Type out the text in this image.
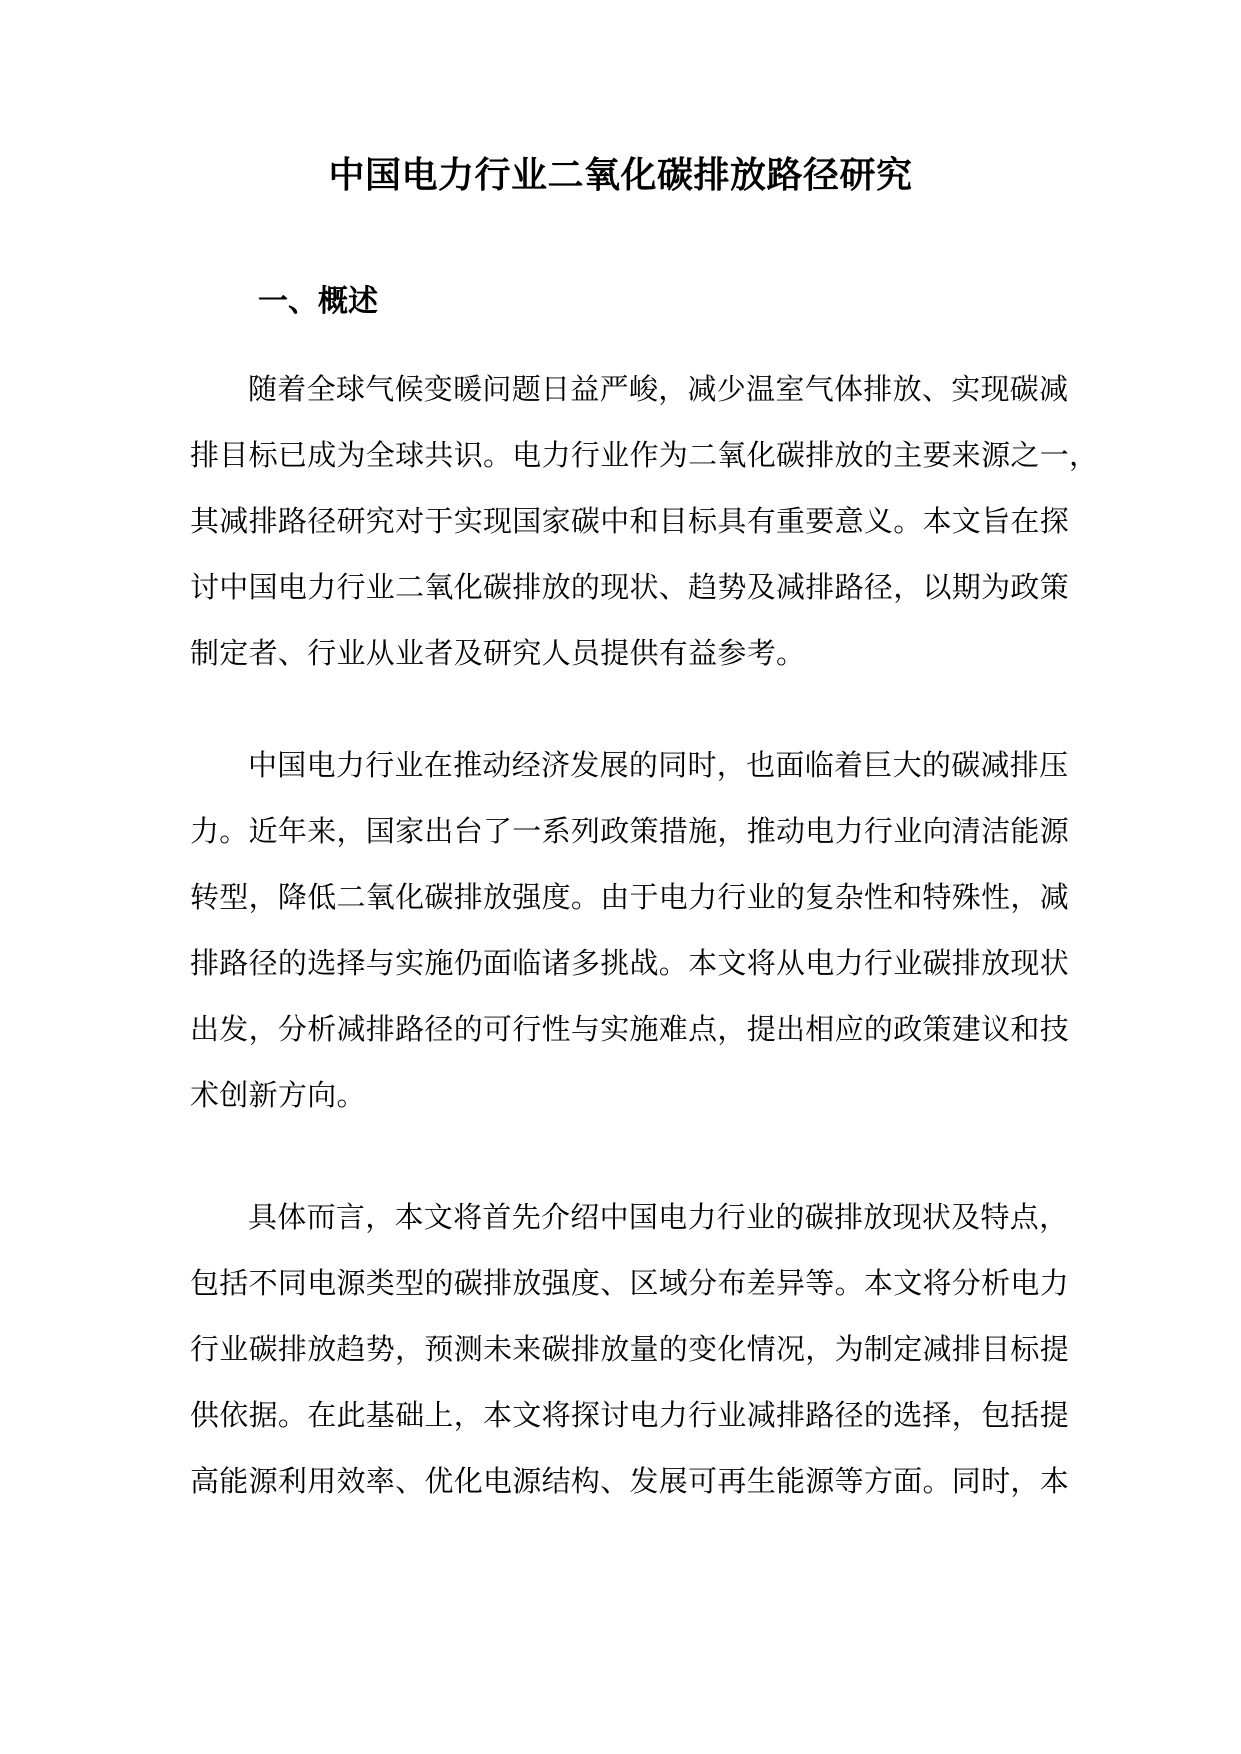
中国电力行业二氧化碳排放路径研究
一、概述

随着全球气候变暖问题日益严峻，减少温室气体排放、实现碳减
排目标已成为全球共识。电力行业作为二氧化碳排放的主要来源之一，
其减排路径研究对于实现国家碳中和目标具有重要意义。本文旨在探
讨中国电力行业二氧化碳排放的现状、趋势及减排路径，以期为政策
制定者、行业从业者及研究人员提供有益参考。

中国电力行业在推动经济发展的同时，也面临着巨大的碳减排压
力。近年来，国家出台了一系列政策措施，推动电力行业向清洁能源
转型，降低二氧化碳排放强度。由于电力行业的复杂性和特殊性，减
排路径的选择与实施仍面临诸多挑战。本文将从电力行业碳排放现状
出发，分析减排路径的可行性与实施难点，提出相应的政策建议和技
术创新方向。

具体而言，本文将首先介绍中国电力行业的碳排放现状及特点，
包括不同电源类型的碳排放强度、区域分布差异等。本文将分析电力
行业碳排放趋势，预测未来碳排放量的变化情况，为制定减排目标提
供依据。在此基础上，本文将探讨电力行业减排路径的选择，包括提
高能源利用效率、优化电源结构、发展可再生能源等方面。同时，本
